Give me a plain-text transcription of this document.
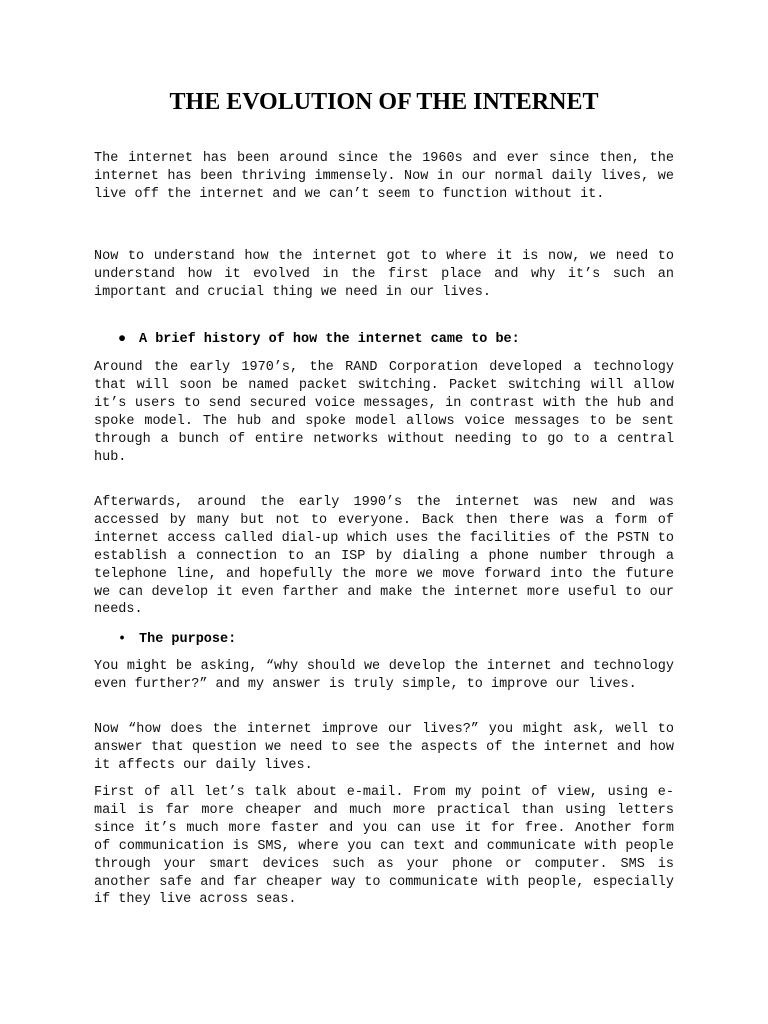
THE EVOLUTION OF THE INTERNET

The internet has been around since the 1960s and ever since then, the internet has been thriving immensely. Now in our normal daily lives, we live off the internet and we can’t seem to function without it.

Now to understand how the internet got to where it is now, we need to understand how it evolved in the first place and why it’s such an important and crucial thing we need in our lives.

● A brief history of how the internet came to be:

Around the early 1970’s, the RAND Corporation developed a technology that will soon be named packet switching. Packet switching will allow it’s users to send secured voice messages, in contrast with the hub and spoke model. The hub and spoke model allows voice messages to be sent through a bunch of entire networks without needing to go to a central hub.

Afterwards, around the early 1990’s the internet was new and was accessed by many but not to everyone. Back then there was a form of internet access called dial-up which uses the facilities of the PSTN to establish a connection to an ISP by dialing a phone number through a telephone line, and hopefully the more we move forward into the future we can develop it even farther and make the internet more useful to our needs.

• The purpose:

You might be asking, “why should we develop the internet and technology even further?” and my answer is truly simple, to improve our lives.

Now “how does the internet improve our lives?” you might ask, well to answer that question we need to see the aspects of the internet and how it affects our daily lives.

First of all let’s talk about e-mail. From my point of view, using e-mail is far more cheaper and much more practical than using letters since it’s much more faster and you can use it for free. Another form of communication is SMS, where you can text and communicate with people through your smart devices such as your phone or computer. SMS is another safe and far cheaper way to communicate with people, especially if they live across seas.
